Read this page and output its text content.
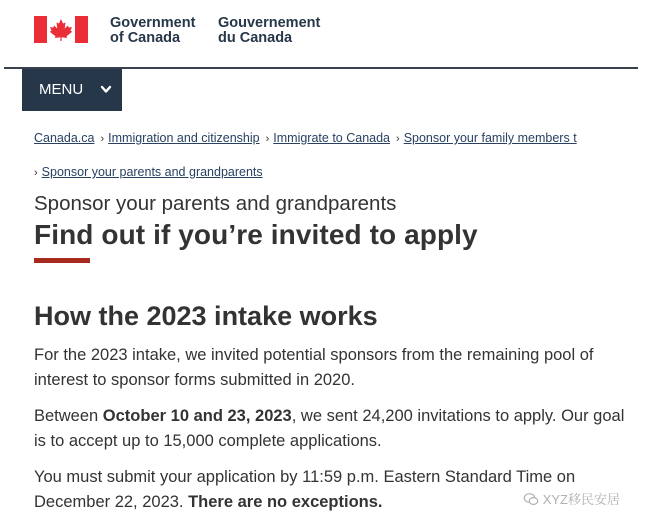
Government
of Canada
Gouvernement
du Canada
MENU
Canada.ca › Immigration and citizenship › Immigrate to Canada › Sponsor your family members t
› Sponsor your parents and grandparents
Sponsor your parents and grandparents
Find out if you’re invited to apply
How the 2023 intake works

For the 2023 intake, we invited potential sponsors from the remaining pool of interest to sponsor forms submitted in 2020.

Between October 10 and 23, 2023, we sent 24,200 invitations to apply. Our goal is to accept up to 15,000 complete applications.

You must submit your application by 11:59 p.m. Eastern Standard Time on December 22, 2023. There are no exceptions.	XYZ移民安居
